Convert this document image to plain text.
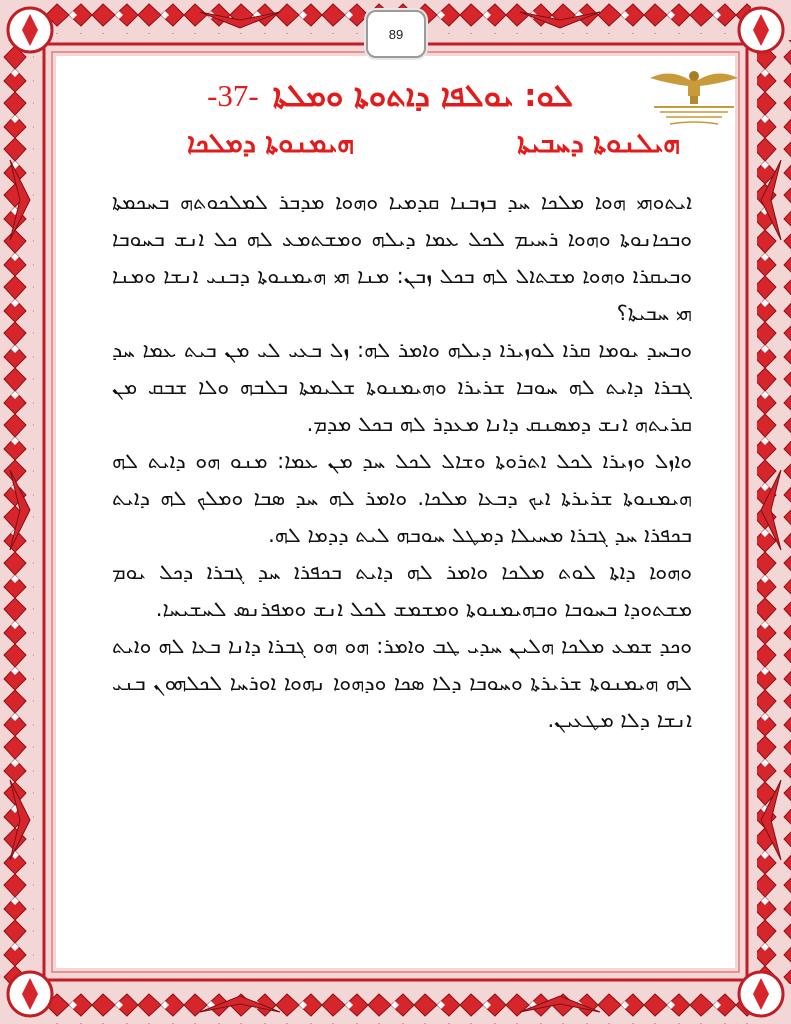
89
ܠܘ: ܝܘܠܦܐ ܕܐܬܘܬܐ ܘܡܠܬܐ
-37-
ܗܝܠܢܘܬܐ ܕܚܒܝܬܐ
ܗܝܡܢܘܬܐ ܕܡܠܟܐ

ܐܝܬܘܗܝ ܗܘܐ ܡܠܟܐ ܚܕ ܒܙܒܢܐ ܩܕܡܝܐ ܘܗܘܐ ܡܕܒܪ ܠܡܠܟܘܬܗ ܒܚܟܡܬܐ ܘܒܟܐܢܘܬܐ ܘܗܘܐ ܪܚܝܡ ܠܟܠ ܥܡܐ ܕܝܠܗ ܘܡܫܬܡܥ ܠܗ ܟܠ ܐܢܫ ܒܚܘܒܐ ܘܒܝܩܪܐ ܘܗܘܐ ܡܫܬܐܠ ܠܗ ܒܟܠ ܙܒܢ: ܡܢܐ ܗܝ ܗܝܡܢܘܬܐ ܕܒܢܝ ܐܢܫܐ ܘܡܢܐ ܗܝ ܚܒܝܬܐ؟

ܘܒܚܕ ܝܘܡܐ ܩܪܐ ܠܘܙܝܪܐ ܕܝܠܗ ܘܐܡܪ ܠܗ: ܙܠ ܒܥܝ ܠܝ ܡܢ ܒܝܬ ܥܡܐ ܚܕ ܓܒܪܐ ܕܐܝܬ ܠܗ ܚܘܒܐ ܫܪܝܪܐ ܘܗܝܡܢܘܬܐ ܫܠܝܡܬܐ ܒܠܒܗ ܘܠܐ ܫܒܩ ܡܢ ܩܪܝܬܗ ܐܢܫ ܕܡܣܢܩ ܕܐܢܐ ܡܥܕܪ ܠܗ ܒܟܠ ܡܕܡ.

ܘܐܙܠ ܘܙܝܪܐ ܠܟܠ ܐܬܪܘܬܐ ܘܫܐܠ ܠܟܠ ܚܕ ܡܢ ܥܡܐ: ܡܢܘ ܗܘ ܕܐܝܬ ܠܗ ܗܝܡܢܘܬܐ ܫܪܝܪܬܐ ܐܝܟ ܕܒܥܐ ܡܠܟܐ. ܘܐܡܪ ܠܗ ܚܕ ܣܒܐ ܘܡܠܟ ܠܗ ܕܐܝܬ ܒܟܦܪܐ ܚܕ ܓܒܪܐ ܡܚܝܠܐ ܕܡܛܠ ܚܘܒܗ ܠܝܬ ܕܕܡܐ ܠܗ.

ܘܗܘܐ ܕܐܬܐ ܠܘܬ ܡܠܟܐ ܘܐܡܪ ܠܗ ܕܐܝܬ ܒܟܦܪܐ ܚܕ ܓܒܪܐ ܕܟܠ ܝܘܡ ܡܫܬܘܕܐ ܒܚܘܒܐ ܘܒܗܝܡܢܘܬܐ ܘܡܫܡܫ ܠܟܠ ܐܢܫ ܘܡܦܪܢܣ ܠܚܫܝܚܐ.

ܘܟܕ ܫܡܥ ܡܠܟܐ ܗܠܝܢ ܚܕܝ ܛܒ ܘܐܡܪ: ܗܘ ܗܘ ܓܒܪܐ ܕܐܢܐ ܒܥܐ ܠܗ ܘܐܝܬ ܠܗ ܗܝܡܢܘܬܐ ܫܪܝܪܬܐ ܘܚܘܒܐ ܕܠܐ ܣܟܐ ܘܕܗܘܐ ܢܗܘܐ ܐܘܪܚܐ ܠܟܠܗܘܢ ܒܢܝ ܐܢܫܐ ܕܠܐ ܡܛܥܝܢ.
